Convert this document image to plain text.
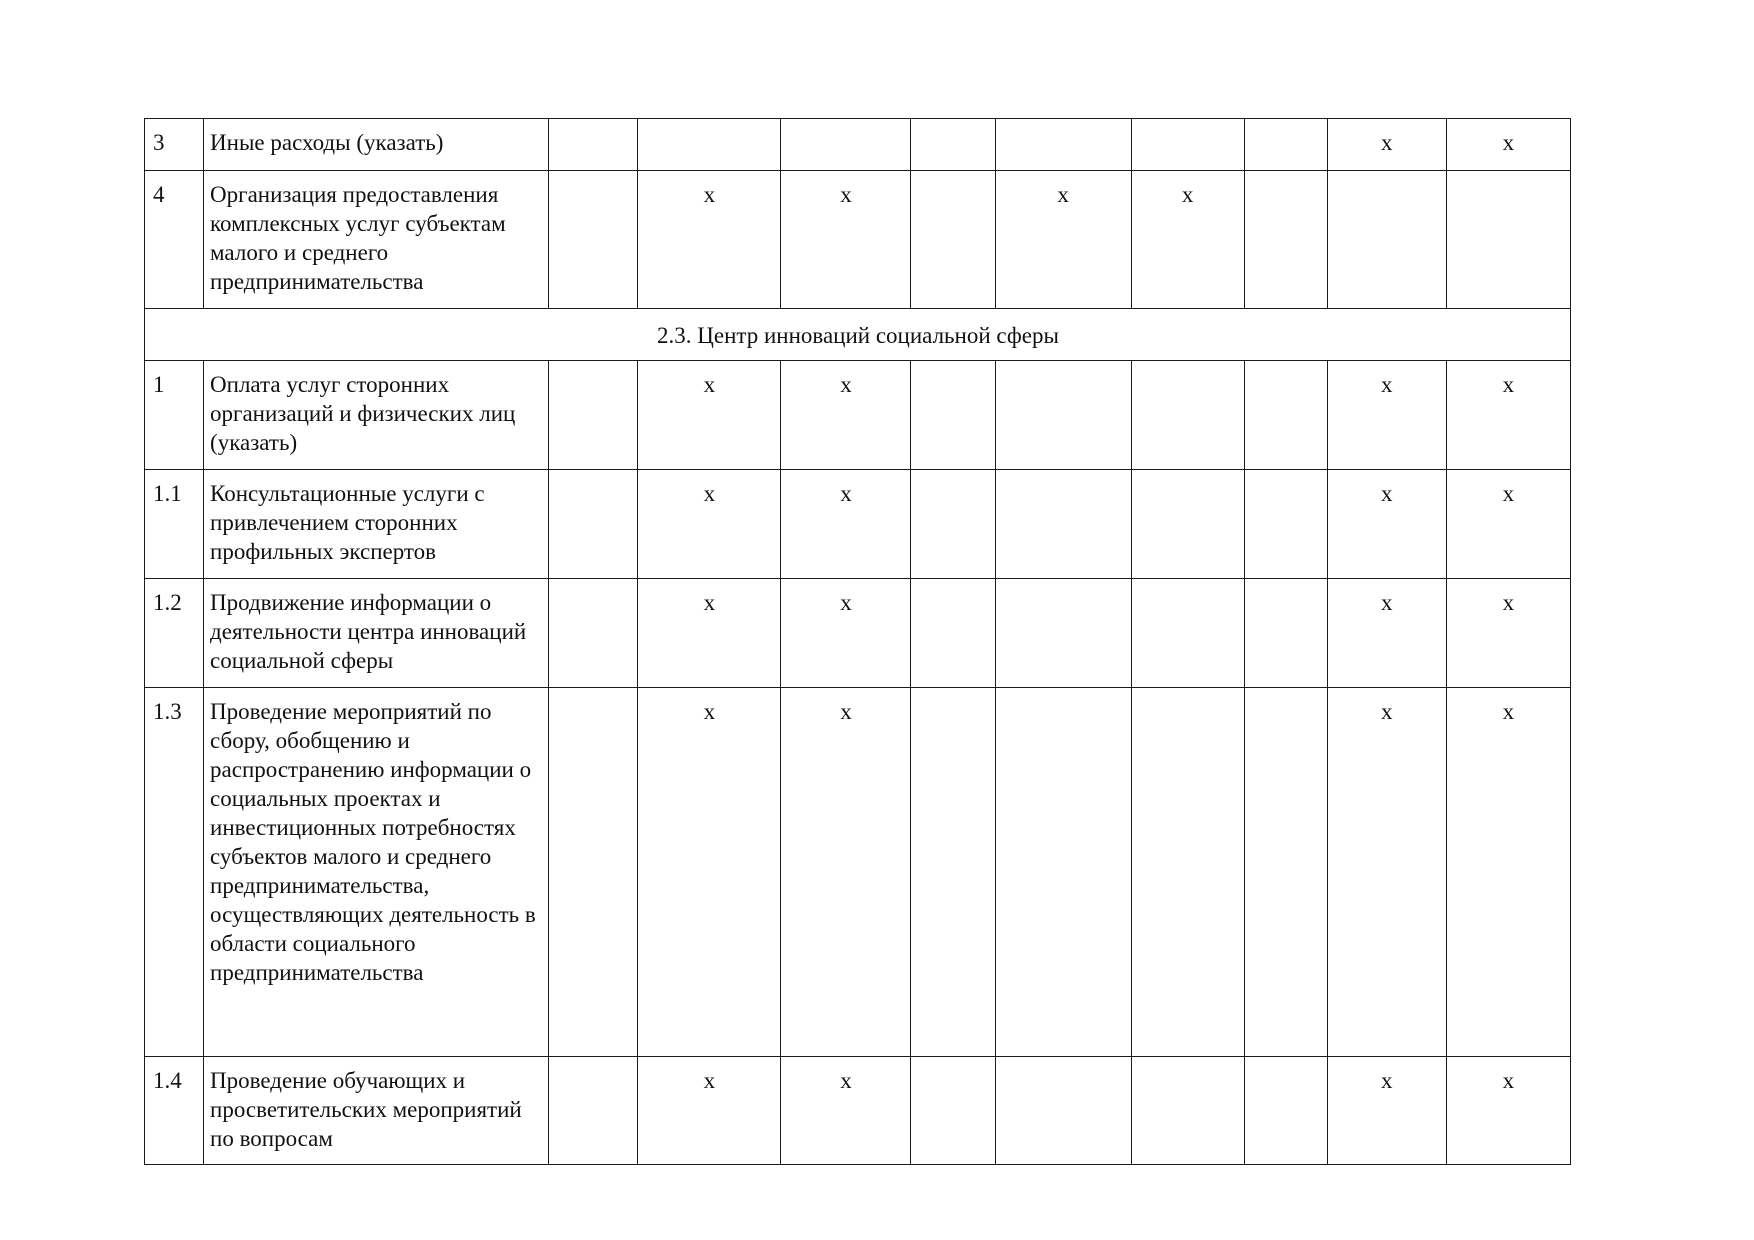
3	Иные расходы (указать)								x	x
4	Организация предоставления комплексных услуг субъектам малого и среднего предпринимательства		x	x		x	x			
2.3. Центр инноваций социальной сферы										
1	Оплата услуг сторонних организаций и физических лиц (указать)		x	x					x	x
1.1	Консультационные услуги с привлечением сторонних профильных экспертов		x	x					x	x
1.2	Продвижение информации о деятельности центра инноваций социальной сферы		x	x					x	x
1.3	Проведение мероприятий по сбору, обобщению и распространению информации о социальных проектах и инвестиционных потребностях субъектов малого и среднего предпринимательства, осуществляющих деятельность в области социального предпринимательства		x	x					x	x
1.4	Проведение обучающих и просветительских мероприятий по вопросам		x	x					x	x
